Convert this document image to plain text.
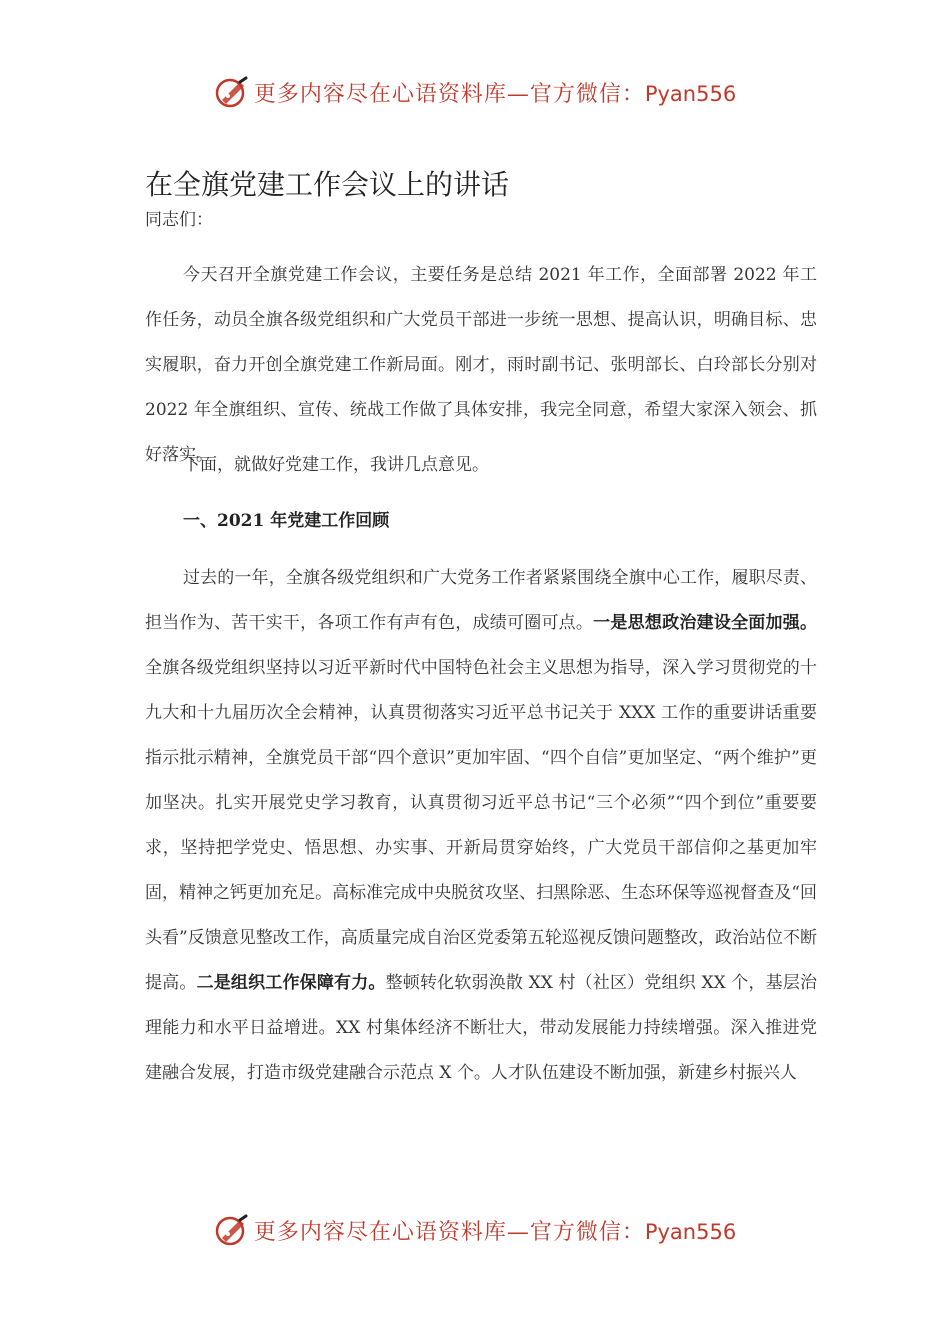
更多内容尽在心语资料库—官方微信：Pyan556
在全旗党建工作会议上的讲话
同志们：

今天召开全旗党建工作会议，主要任务是总结 2021 年工作，全面部署 2022 年工作任务，动员全旗各级党组织和广大党员干部进一步统一思想、提高认识，明确目标、忠实履职，奋力开创全旗党建工作新局面。刚才，雨时副书记、张明部长、白玲部长分别对 2022 年全旗组织、宣传、统战工作做了具体安排，我完全同意，希望大家深入领会、抓好落实。

下面，就做好党建工作，我讲几点意见。

一、2021 年党建工作回顾

过去的一年，全旗各级党组织和广大党务工作者紧紧围绕全旗中心工作，履职尽责、担当作为、苦干实干，各项工作有声有色，成绩可圈可点。一是思想政治建设全面加强。全旗各级党组织坚持以习近平新时代中国特色社会主义思想为指导，深入学习贯彻党的十九大和十九届历次全会精神，认真贯彻落实习近平总书记关于 XXX 工作的重要讲话重要指示批示精神，全旗党员干部“四个意识”更加牢固、“四个自信”更加坚定、“两个维护”更加坚决。扎实开展党史学习教育，认真贯彻习近平总书记“三个必须”“四个到位”重要要求，坚持把学党史、悟思想、办实事、开新局贯穿始终，广大党员干部信仰之基更加牢固，精神之钙更加充足。高标准完成中央脱贫攻坚、扫黑除恶、生态环保等巡视督查及“回头看”反馈意见整改工作，高质量完成自治区党委第五轮巡视反馈问题整改，政治站位不断提高。二是组织工作保障有力。整顿转化软弱涣散 XX 村（社区）党组织 XX 个，基层治理能力和水平日益增进。XX 村集体经济不断壮大，带动发展能力持续增强。深入推进党建融合发展，打造市级党建融合示范点 X 个。人才队伍建设不断加强，新建乡村振兴人

更多内容尽在心语资料库—官方微信：Pyan556
